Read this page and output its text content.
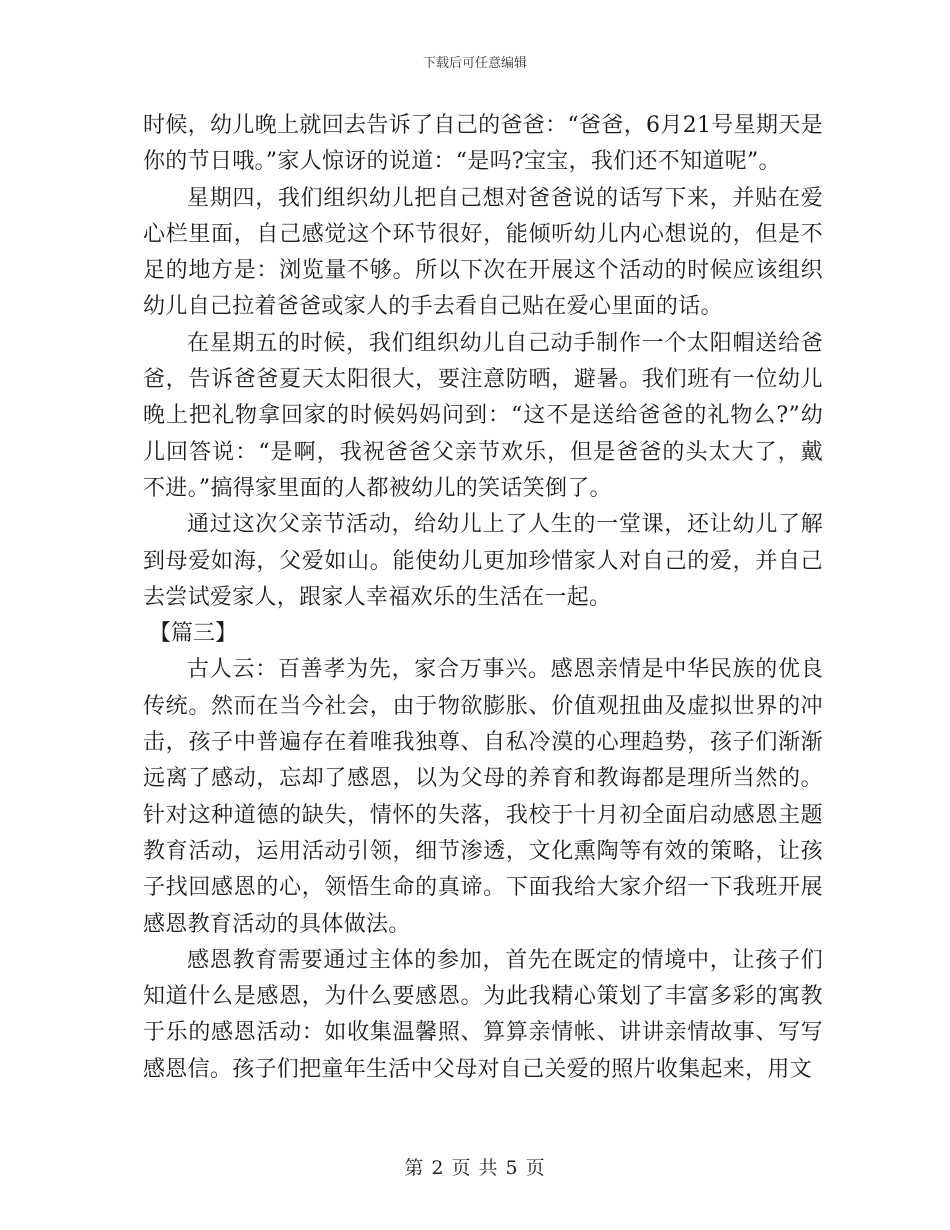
下载后可任意编辑

时候，幼儿晚上就回去告诉了自己的爸爸：“爸爸，6月21号星期天是你的节日哦。”家人惊讶的说道：“是吗?宝宝，我们还不知道呢”。

星期四，我们组织幼儿把自己想对爸爸说的话写下来，并贴在爱心栏里面，自己感觉这个环节很好，能倾听幼儿内心想说的，但是不足的地方是：浏览量不够。所以下次在开展这个活动的时候应该组织幼儿自己拉着爸爸或家人的手去看自己贴在爱心里面的话。

在星期五的时候，我们组织幼儿自己动手制作一个太阳帽送给爸爸，告诉爸爸夏天太阳很大，要注意防晒，避暑。我们班有一位幼儿晚上把礼物拿回家的时候妈妈问到：“这不是送给爸爸的礼物么?”幼儿回答说：“是啊，我祝爸爸父亲节欢乐，但是爸爸的头太大了，戴不进。”搞得家里面的人都被幼儿的笑话笑倒了。

通过这次父亲节活动，给幼儿上了人生的一堂课，还让幼儿了解到母爱如海，父爱如山。能使幼儿更加珍惜家人对自己的爱，并自己去尝试爱家人，跟家人幸福欢乐的生活在一起。

【篇三】

古人云：百善孝为先，家合万事兴。感恩亲情是中华民族的优良传统。然而在当今社会，由于物欲膨胀、价值观扭曲及虚拟世界的冲击，孩子中普遍存在着唯我独尊、自私冷漠的心理趋势，孩子们渐渐远离了感动，忘却了感恩，以为父母的养育和教诲都是理所当然的。针对这种道德的缺失，情怀的失落，我校于十月初全面启动感恩主题教育活动，运用活动引领，细节渗透，文化熏陶等有效的策略，让孩子找回感恩的心，领悟生命的真谛。下面我给大家介绍一下我班开展感恩教育活动的具体做法。

感恩教育需要通过主体的参加，首先在既定的情境中，让孩子们知道什么是感恩，为什么要感恩。为此我精心策划了丰富多彩的寓教于乐的感恩活动：如收集温馨照、算算亲情帐、讲讲亲情故事、写写感恩信。孩子们把童年生活中父母对自己关爱的照片收集起来，用文

第 2 页 共 5 页
